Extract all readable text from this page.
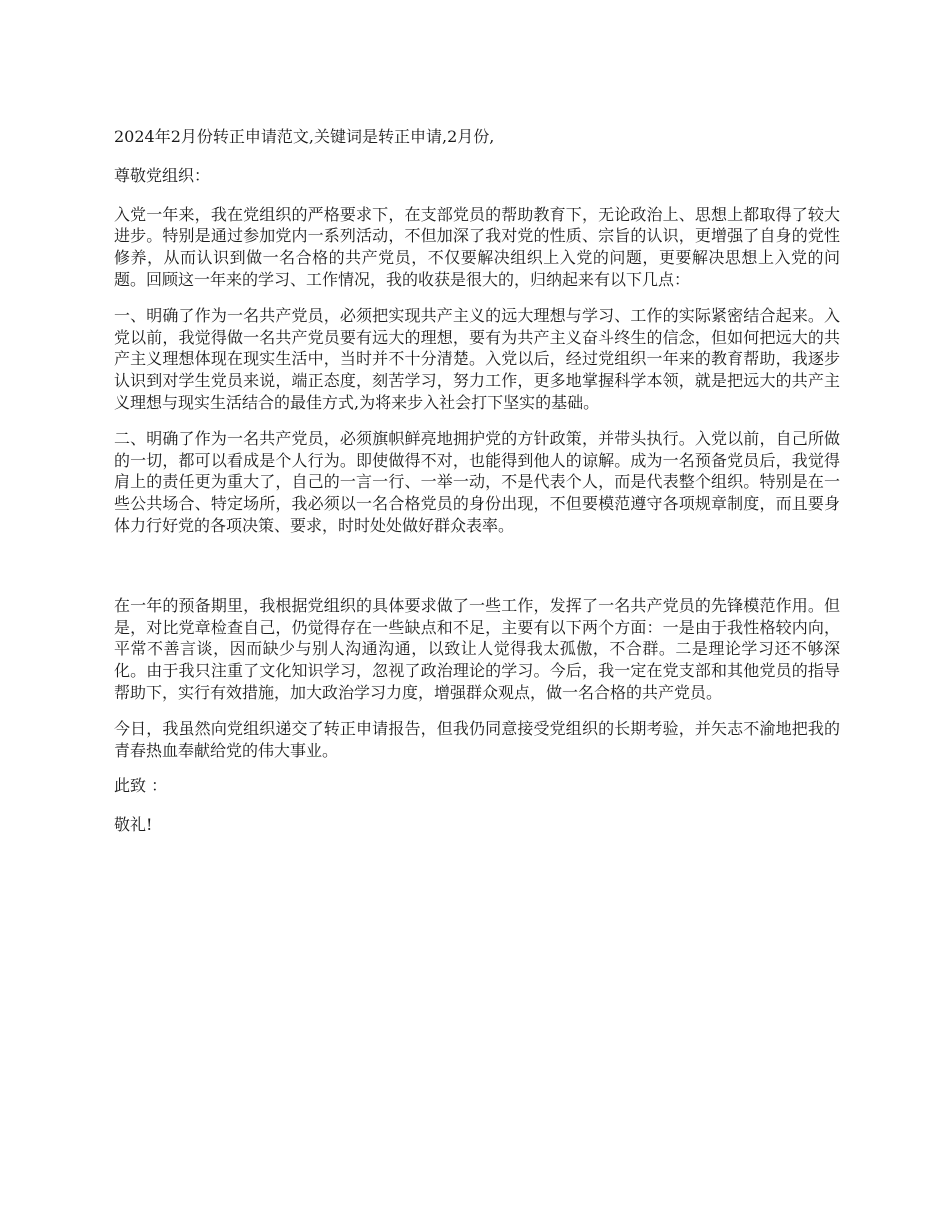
2024年2月份转正申请范文,关键词是转正申请,2月份,

尊敬党组织：

入党一年来，我在党组织的严格要求下，在支部党员的帮助教育下，无论政治上、思想上都取得了较大进步。特别是通过参加党内一系列活动，不但加深了我对党的性质、宗旨的认识，更增强了自身的党性修养，从而认识到做一名合格的共产党员，不仅要解决组织上入党的问题，更要解决思想上入党的问题。回顾这一年来的学习、工作情况，我的收获是很大的，归纳起来有以下几点：

一、明确了作为一名共产党员，必须把实现共产主义的远大理想与学习、工作的实际紧密结合起来。入党以前，我觉得做一名共产党员要有远大的理想，要有为共产主义奋斗终生的信念，但如何把远大的共产主义理想体现在现实生活中，当时并不十分清楚。入党以后，经过党组织一年来的教育帮助，我逐步认识到对学生党员来说，端正态度，刻苦学习，努力工作，更多地掌握科学本领，就是把远大的共产主义理想与现实生活结合的最佳方式,为将来步入社会打下坚实的基础。

二、明确了作为一名共产党员，必须旗帜鲜亮地拥护党的方针政策，并带头执行。入党以前，自己所做的一切，都可以看成是个人行为。即使做得不对，也能得到他人的谅解。成为一名预备党员后，我觉得肩上的责任更为重大了，自己的一言一行、一举一动，不是代表个人，而是代表整个组织。特别是在一些公共场合、特定场所，我必须以一名合格党员的身份出现，不但要模范遵守各项规章制度，而且要身体力行好党的各项决策、要求，时时处处做好群众表率。

在一年的预备期里，我根据党组织的具体要求做了一些工作，发挥了一名共产党员的先锋模范作用。但是，对比党章检查自己，仍觉得存在一些缺点和不足，主要有以下两个方面：一是由于我性格较内向，平常不善言谈，因而缺少与别人沟通沟通，以致让人觉得我太孤傲，不合群。二是理论学习还不够深化。由于我只注重了文化知识学习，忽视了政治理论的学习。今后，我一定在党支部和其他党员的指导帮助下，实行有效措施，加大政治学习力度，增强群众观点，做一名合格的共产党员。

今日，我虽然向党组织递交了转正申请报告，但我仍同意接受党组织的长期考验，并矢志不渝地把我的青春热血奉献给党的伟大事业。

此致 ：

敬礼!
